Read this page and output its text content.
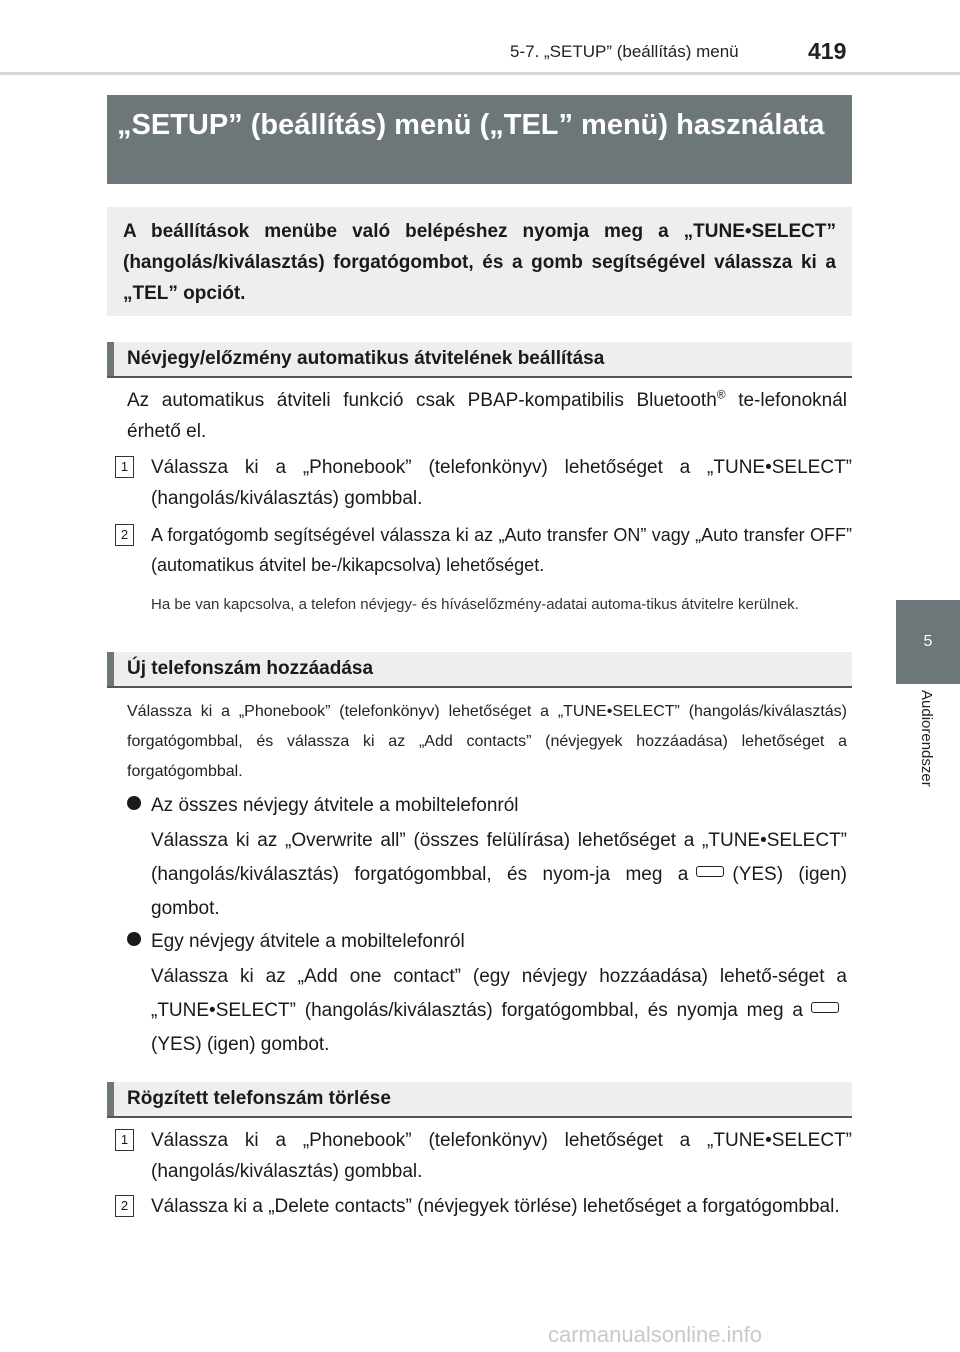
5-7. „SETUP” (beállítás) menü	419
5
Audiorendszer
„SETUP” (beállítás) menü („TEL” menü) használata

A beállítások menübe való belépéshez nyomja meg a „TUNE•SELECT” (hangolás/kiválasztás) forgatógombot, és a gomb segítségével válassza ki a „TEL” opciót.

Névjegy/előzmény automatikus átvitelének beállítása

Az automatikus átviteli funkció csak PBAP-kompatibilis Bluetooth® te-lefonoknál érhető el.

1	Válassza ki a „Phonebook” (telefonkönyv) lehetőséget a „TUNE•SELECT” (hangolás/kiválasztás) gombbal.

2	A forgatógomb segítségével válassza ki az „Auto transfer ON” vagy „Auto transfer OFF” (automatikus átvitel be-/kikapcsolva) lehetőséget.

Ha be van kapcsolva, a telefon névjegy- és híváselőzmény-adatai automa-tikus átvitelre kerülnek.

Új telefonszám hozzáadása

Válassza ki a „Phonebook” (telefonkönyv) lehetőséget a „TUNE•SELECT” (hangolás/kiválasztás) forgatógombbal, és válassza ki az „Add contacts” (névjegyek hozzáadása) lehetőséget a forgatógombbal.

Az összes névjegy átvitele a mobiltelefonról

Válassza ki az „Overwrite all” (összes felülírása) lehetőséget a „TUNE•SELECT” (hangolás/kiválasztás) forgatógombbal, és nyom-ja meg a (YES) (igen) gombot.

Egy névjegy átvitele a mobiltelefonról

Válassza ki az „Add one contact” (egy névjegy hozzáadása) lehető-séget a „TUNE•SELECT” (hangolás/kiválasztás) forgatógombbal, és nyomja meg a(YES) (igen) gombot.

Rögzített telefonszám törlése
1	Válassza ki a „Phonebook” (telefonkönyv) lehetőséget a „TUNE•SELECT” (hangolás/kiválasztás) gombbal.

2	Válassza ki a „Delete contacts” (névjegyek törlése) lehetőséget a forgatógombbal.

carmanualsonline.info
